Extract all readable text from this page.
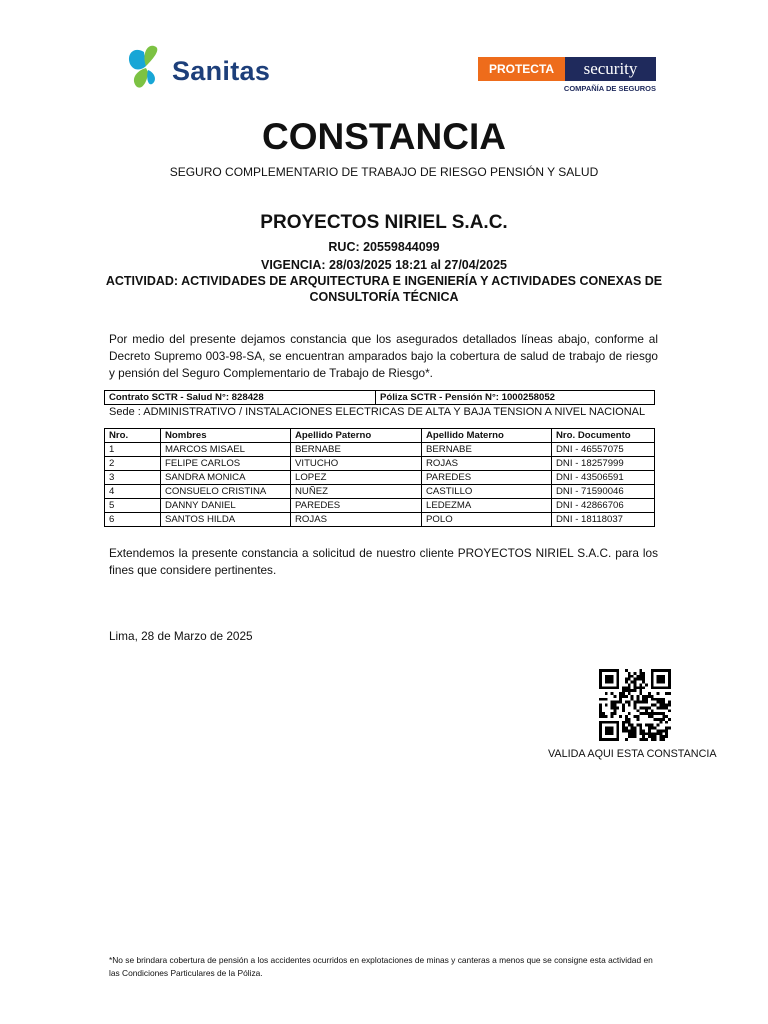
Sanitas	PROTECTA	security
COMPAÑÍA DE SEGUROS
CONSTANCIA
SEGURO COMPLEMENTARIO DE TRABAJO DE RIESGO PENSIÓN Y SALUD
PROYECTOS NIRIEL S.A.C.
RUC: 20559844099
VIGENCIA: 28/03/2025 18:21 al 27/04/2025
ACTIVIDAD: ACTIVIDADES DE ARQUITECTURA E INGENIERÍA Y ACTIVIDADES CONEXAS DE CONSULTORÍA TÉCNICA
Por medio del presente dejamos constancia que los asegurados detallados líneas abajo, conforme al Decreto Supremo 003-98-SA, se encuentran amparados bajo la cobertura de salud de trabajo de riesgo y pensión del Seguro Complementario de Trabajo de Riesgo*.
Contrato SCTR - Salud N°: 828428	Póliza SCTR - Pensión N°: 1000258052
Sede : ADMINISTRATIVO / INSTALACIONES ELECTRICAS DE ALTA Y BAJA TENSION A NIVEL NACIONAL
Nro.	Nombres	Apellido Paterno	Apellido Materno	Nro. Documento
1	MARCOS MISAEL	BERNABE	BERNABE	DNI - 46557075
2	FELIPE CARLOS	VITUCHO	ROJAS	DNI - 18257999
3	SANDRA MONICA	LOPEZ	PAREDES	DNI - 43506591
4	CONSUELO CRISTINA	NUÑEZ	CASTILLO	DNI - 71590046
5	DANNY DANIEL	PAREDES	LEDEZMA	DNI - 42866706
6	SANTOS HILDA	ROJAS	POLO	DNI - 18118037
Extendemos la presente constancia a solicitud de nuestro cliente PROYECTOS NIRIEL S.A.C. para los fines que considere pertinentes.
Lima, 28 de Marzo de 2025
VALIDA AQUI ESTA CONSTANCIA
*No se brindara cobertura de pensión a los accidentes ocurridos en explotaciones de minas y canteras a menos que se consigne esta actividad en las Condiciones Particulares de la Póliza.
